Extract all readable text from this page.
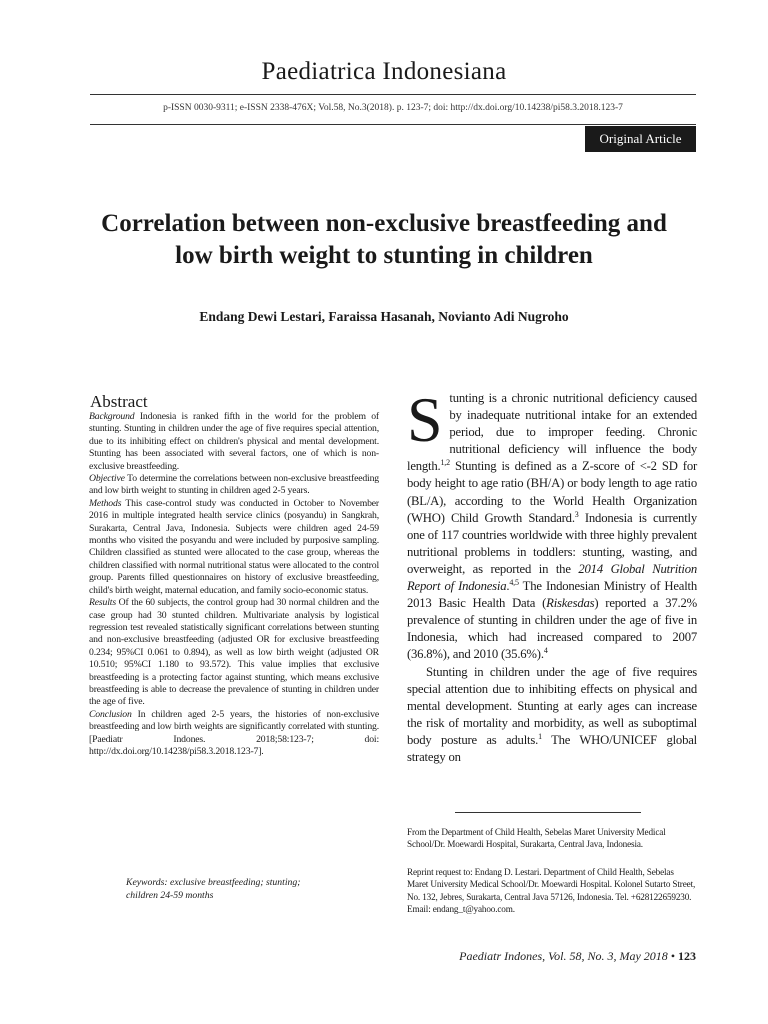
Paediatrica Indonesiana
p-ISSN 0030-9311; e-ISSN 2338-476X; Vol.58, No.3(2018). p. 123-7; doi: http://dx.doi.org/10.14238/pi58.3.2018.123-7
Original Article
Correlation between non-exclusive breastfeeding and
low birth weight to stunting in children
Endang Dewi Lestari, Faraissa Hasanah, Novianto Adi Nugroho
Abstract

Background Indonesia is ranked fifth in the world for the problem of stunting. Stunting in children under the age of five requires special attention, due to its inhibiting effect on children's physical and mental development. Stunting has been associated with several factors, one of which is non-exclusive breastfeeding.

Objective To determine the correlations between non-exclusive breastfeeding and low birth weight to stunting in children aged 2-5 years.

Methods This case-control study was conducted in October to November 2016 in multiple integrated health service clinics (posyandu) in Sangkrah, Surakarta, Central Java, Indonesia. Subjects were children aged 24-59 months who visited the posyandu and were included by purposive sampling. Children classified as stunted were allocated to the case group, whereas the children classified with normal nutritional status were allocated to the control group. Parents filled questionnaires on history of exclusive breastfeeding, child's birth weight, maternal education, and family socio-economic status.

Results Of the 60 subjects, the control group had 30 normal children and the case group had 30 stunted children. Multivariate analysis by logistical regression test revealed statistically significant correlations between stunting and non-exclusive breastfeeding (adjusted OR for exclusive breastfeeding 0.234; 95%CI 0.061 to 0.894), as well as low birth weight (adjusted OR 10.510; 95%CI 1.180 to 93.572). This value implies that exclusive breastfeeding is a protecting factor against stunting, which means exclusive breastfeeding is able to decrease the prevalence of stunting in children under the age of five.

Conclusion In children aged 2-5 years, the histories of non-exclusive breastfeeding and low birth weights are significantly correlated with stunting. [Paediatr Indones. 2018;58:123-7; doi: http://dx.doi.org/10.14238/pi58.3.2018.123-7].

Keywords: exclusive breastfeeding; stunting;
children 24-59 months

Stunting is a chronic nutritional deficiency caused by inadequate nutritional intake for an extended period, due to improper feeding. Chronic nutritional deficiency will influence the body length.$^{1,2}$ Stunting is defined as a Z-score of <-2 SD for body height to age ratio (BH/A) or body length to age ratio (BL/A), according to the World Health Organization (WHO) Child Growth Standard.$^3$ Indonesia is currently one of 117 countries worldwide with three highly prevalent nutritional problems in toddlers: stunting, wasting, and overweight, as reported in the 2014 Global Nutrition Report of Indonesia.$^{4,5}$ The Indonesian Ministry of Health 2013 Basic Health Data (Riskesdas) reported a 37.2% prevalence of stunting in children under the age of five in Indonesia, which had increased compared to 2007 (36.8%), and 2010 (35.6%).$^4$

Stunting in children under the age of five requires special attention due to inhibiting effects on physical and mental development. Stunting at early ages can increase the risk of mortality and morbidity, as well as suboptimal body posture as adults.$^1$ The WHO/UNICEF global strategy on

From the Department of Child Health, Sebelas Maret University Medical School/Dr. Moewardi Hospital, Surakarta, Central Java, Indonesia.
Reprint request to: Endang D. Lestari. Department of Child Health, Sebelas Maret University Medical School/Dr. Moewardi Hospital. Kolonel Sutarto Street, No. 132, Jebres, Surakarta, Central Java 57126, Indonesia. Tel. +628122659230. Email: endang_t@yahoo.com.
Paediatr Indones, Vol. 58, No. 3, May 2018 • 123
